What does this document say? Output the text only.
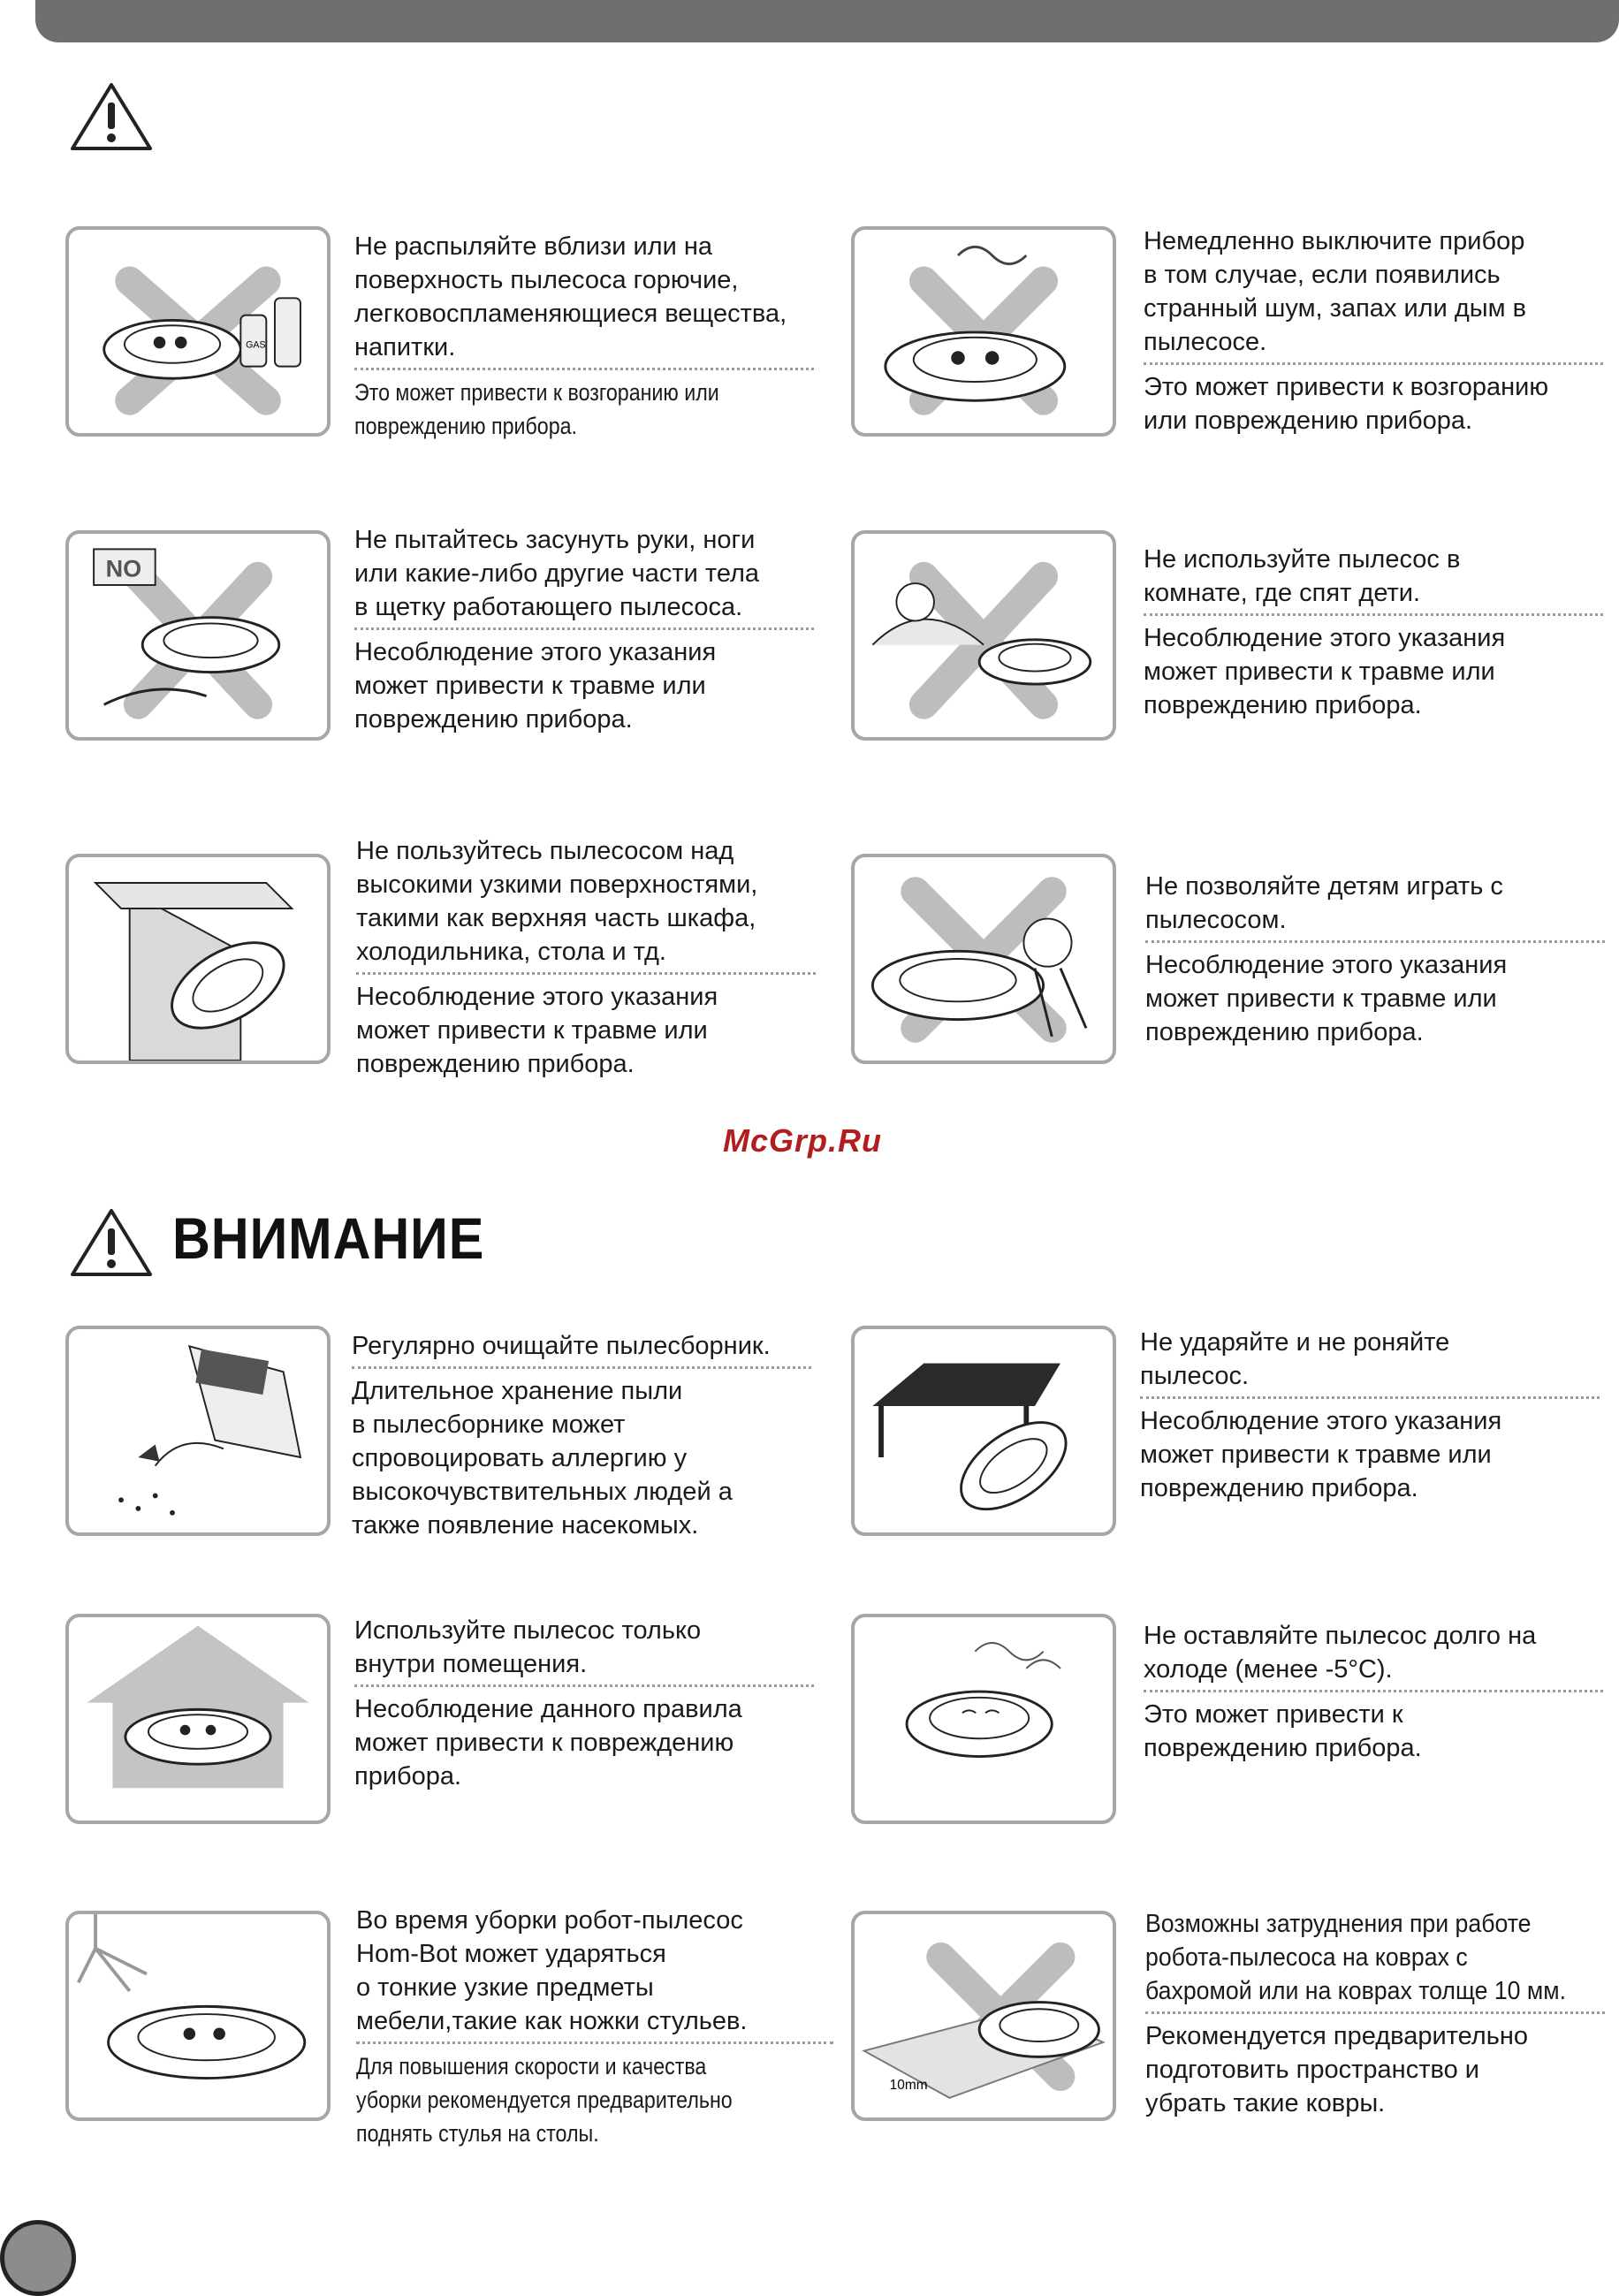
GAS
Не распыляйте вблизи или на
поверхность пылесоса горючие,
легковоспламеняющиеся вещества,
напитки.
Это может привести к возгоранию или
повреждению прибора.
Немедленно выключите прибор
в том случае, если появились
странный шум, запах или дым в
пылесосе.
Это может привести к возгоранию
или повреждению прибора.
NO
Не пытайтесь засунуть руки, ноги
или какие-либо другие части тела
в щетку работающего пылесоса.
Несоблюдение этого указания
может привести к травме или
повреждению прибора.
Не используйте пылесос в
комнате, где спят дети.
Несоблюдение этого указания
может привести к травме или
повреждению прибора.
Не пользуйтесь пылесосом над
высокими узкими поверхностями,
такими как верхняя часть шкафа,
холодильника, стола и тд.
Несоблюдение этого указания
может привести к травме или
повреждению прибора.
Не позволяйте детям играть с
пылесосом.
Несоблюдение этого указания
может привести к травме или
повреждению прибора.
McGrp.Ru
ВНИМАНИЕ
Регулярно очищайте пылесборник.
Длительное хранение пыли
в пылесборнике может
спровоцировать аллергию у
высокочувствительных людей а
также появление насекомых.
Не ударяйте и не роняйте
пылесос.
Несоблюдение этого указания
может привести к травме или
повреждению прибора.
Используйте пылесос только
внутри помещения.
Несоблюдение данного правила
может привести к повреждению
прибора.
Не оставляйте пылесос долго на
холоде (менее -5°C).
Это может привести к
повреждению прибора.
Во время уборки робот-пылесос
Hom-Bot может ударяться
о тонкие узкие предметы
мебели,такие как ножки стульев.
Для повышения скорости и качества
уборки рекомендуется предварительно
поднять стулья на столы.
10mm
Возможны затруднения при работе
робота-пылесоса на коврах с
бахромой или на коврах толще 10 мм.
Рекомендуется предварительно
подготовить пространство и
убрать такие ковры.
